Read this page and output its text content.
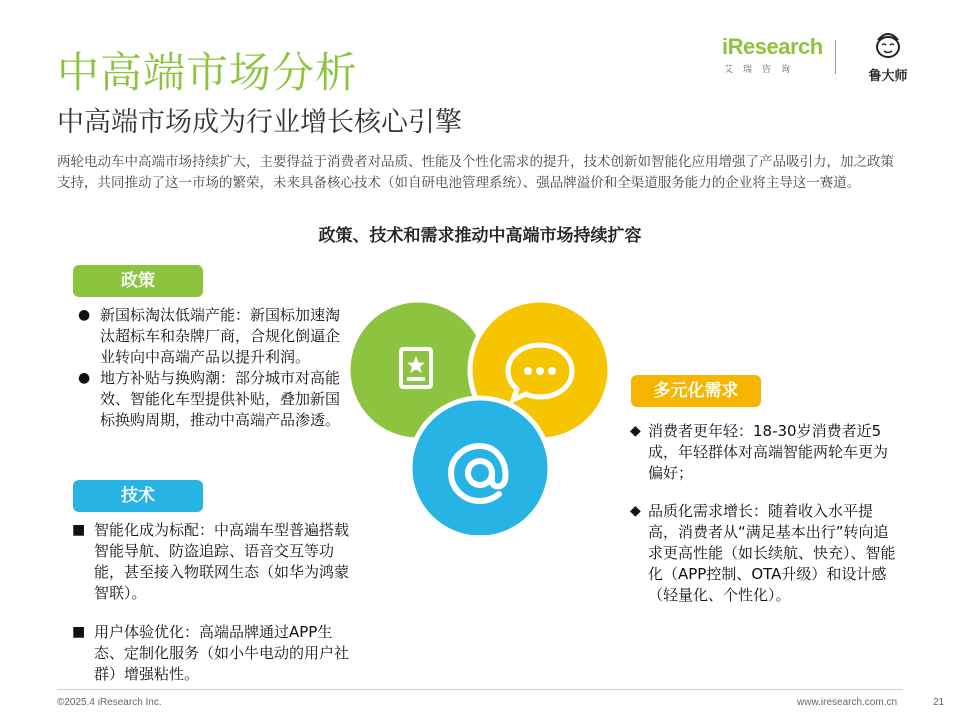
中高端市场分析
中高端市场成为行业增长核心引擎
iResearch
艾瑞咨询	鲁大师
两轮电动车中高端市场持续扩大，主要得益于消费者对品质、性能及个性化需求的提升，技术创新如智能化应用增强了产品吸引力，加之政策支持，共同推动了这一市场的繁荣，未来具备核心技术（如自研电池管理系统）、强品牌溢价和全渠道服务能力的企业将主导这一赛道。
政策、技术和需求推动中高端市场持续扩容
政策
● 新国标淘汰低端产能：新国标加速淘汰超标车和杂牌厂商，合规化倒逼企业转向中高端产品以提升利润。
● 地方补贴与换购潮：部分城市对高能效、智能化车型提供补贴，叠加新国标换购周期，推动中高端产品渗透。
技术
■ 智能化成为标配：中高端车型普遍搭载智能导航、防盗追踪、语音交互等功能，甚至接入物联网生态（如华为鸿蒙智联）。
■ 用户体验优化：高端品牌通过APP生态、定制化服务（如小牛电动的用户社群）增强粘性。
多元化需求
◆ 消费者更年轻：18-30岁消费者近5成，年轻群体对高端智能两轮车更为偏好；
◆ 品质化需求增长：随着收入水平提高，消费者从“满足基本出行”转向追求更高性能（如长续航、快充）、智能化（APP控制、OTA升级）和设计感（轻量化、个性化）。
©2025.4 iResearch Inc.	www.iresearch.com.cn	21
